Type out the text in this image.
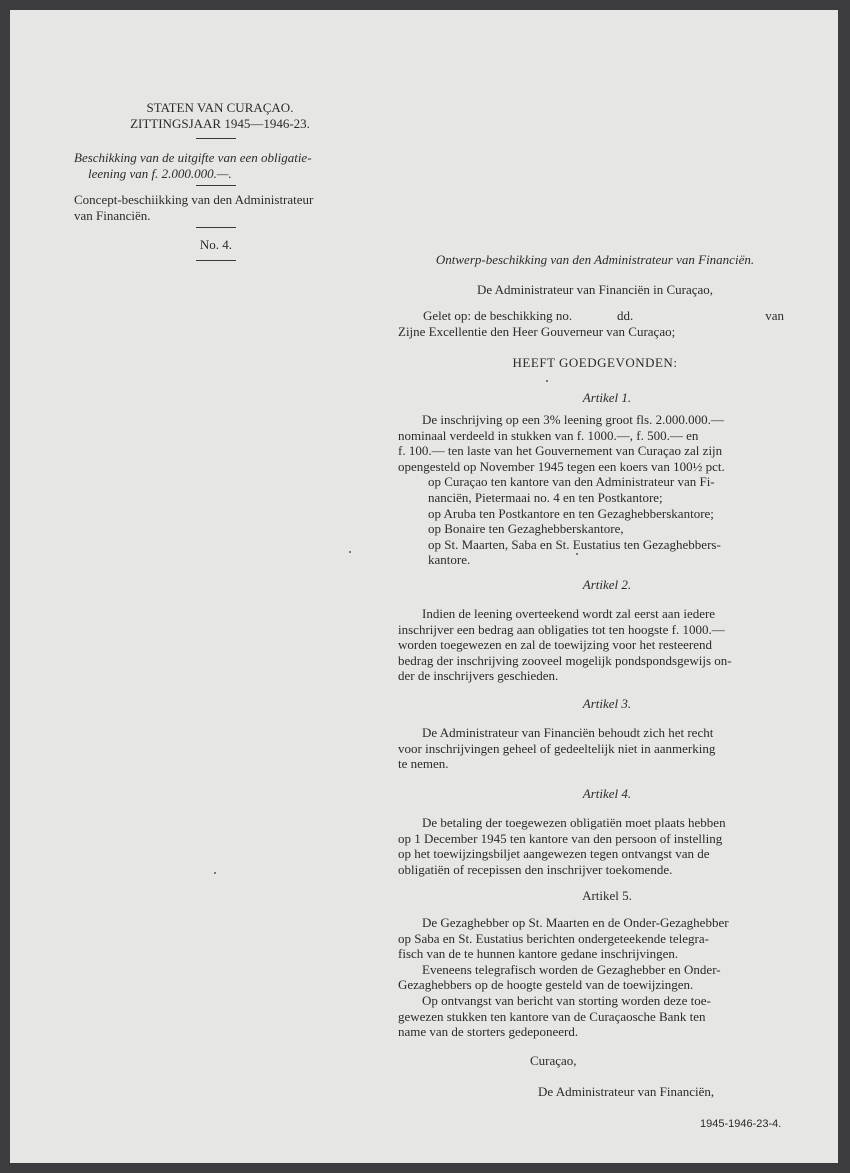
STATEN VAN CURAÇAO.
ZITTINGSJAAR 1945—1946-23.
Beschikking van de uitgifte van een obligatie-
leening van f. 2.000.000.—.
Concept-beschiikking van den Administrateur
van Financiën.
No. 4.
Ontwerp-beschikking van den Administrateur van Financiën.
De Administrateur van Financiën in Curaçao,
Gelet op: de beschikking no.	dd.	van
Zijne Excellentie den Heer Gouverneur van Curaçao;
HEEFT GOEDGEVONDEN:
Artikel 1.

De inschrijving op een 3% leening groot fls. 2.000.000.—

nominaal verdeeld in stukken van f. 1000.—, f. 500.— en

f. 100.— ten laste van het Gouvernement van Curaçao zal zijn

opengesteld op November 1945 tegen een koers van 100½ pct.

op Curaçao ten kantore van den Administrateur van Fi-

nanciën, Pietermaai no. 4 en ten Postkantore;

op Aruba ten Postkantore en ten Gezaghebberskantore;

op Bonaire ten Gezaghebberskantore,

op St. Maarten, Saba en St. Eustatius ten Gezaghebbers-

kantore.

Artikel 2.

Indien de leening overteekend wordt zal eerst aan iedere

inschrijver een bedrag aan obligaties tot ten hoogste f. 1000.—

worden toegewezen en zal de toewijzing voor het resteerend

bedrag der inschrijving zooveel mogelijk pondspondsgewijs on-

der de inschrijvers geschieden.

Artikel 3.

De Administrateur van Financiën behoudt zich het recht

voor inschrijvingen geheel of gedeeltelijk niet in aanmerking

te nemen.

Artikel 4.

De betaling der toegewezen obligatiën moet plaats hebben

op 1 December 1945 ten kantore van den persoon of instelling

op het toewijzingsbiljet aangewezen tegen ontvangst van de

obligatiën of recepissen den inschrijver toekomende.

Artikel 5.

De Gezaghebber op St. Maarten en de Onder-Gezaghebber

op Saba en St. Eustatius berichten ondergeteekende telegra-

fisch van de te hunnen kantore gedane inschrijvingen.

Eveneens telegrafisch worden de Gezaghebber en Onder-

Gezaghebbers op de hoogte gesteld van de toewijzingen.

Op ontvangst van bericht van storting worden deze toe-

gewezen stukken ten kantore van de Curaçaosche Bank ten

name van de storters gedeponeerd.

Curaçao,
De Administrateur van Financiën,
1945-1946-23-4.
